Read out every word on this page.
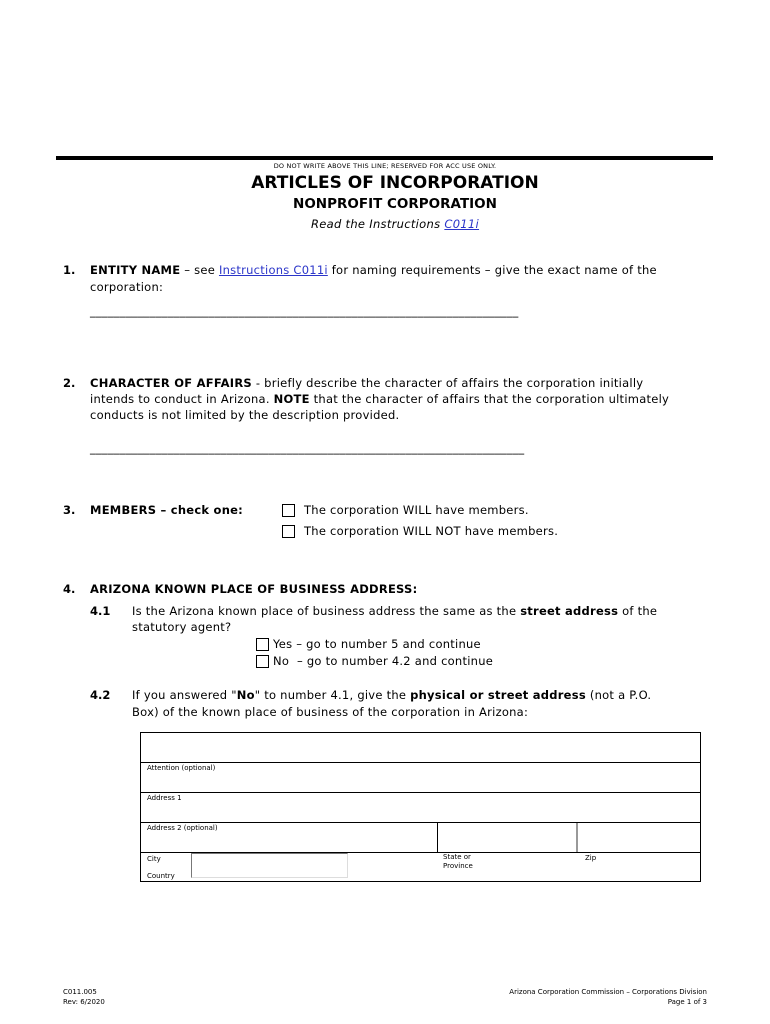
DO NOT WRITE ABOVE THIS LINE; RESERVED FOR ACC USE ONLY.
ARTICLES OF INCORPORATION
NONPROFIT CORPORATION
Read the Instructions C011i
1. ENTITY NAME – see Instructions C011i for naming requirements – give the exact name of the
corporation:
________________________________________________________________________
2. CHARACTER OF AFFAIRS - briefly describe the character of affairs the corporation initially
intends to conduct in Arizona. NOTE that the character of affairs that the corporation ultimately
conducts is not limited by the description provided.
_________________________________________________________________________
3. MEMBERS – check one:	The corporation WILL have members.
The corporation WILL NOT have members.
4. ARIZONA KNOWN PLACE OF BUSINESS ADDRESS:
4.1 Is the Arizona known place of business address the same as the street address of the
statutory agent?
Yes – go to number 5 and continue
No  – go to number 4.2 and continue
4.2 If you answered "No" to number 4.1, give the physical or street address (not a P.O.
Box) of the known place of business of the corporation in Arizona:
Attention (optional)
Address 1
Address 2 (optional)
City
Country
State or
Province
Zip
C011.005
Rev: 6/2020
Arizona Corporation Commission – Corporations Division
Page 1 of 3
